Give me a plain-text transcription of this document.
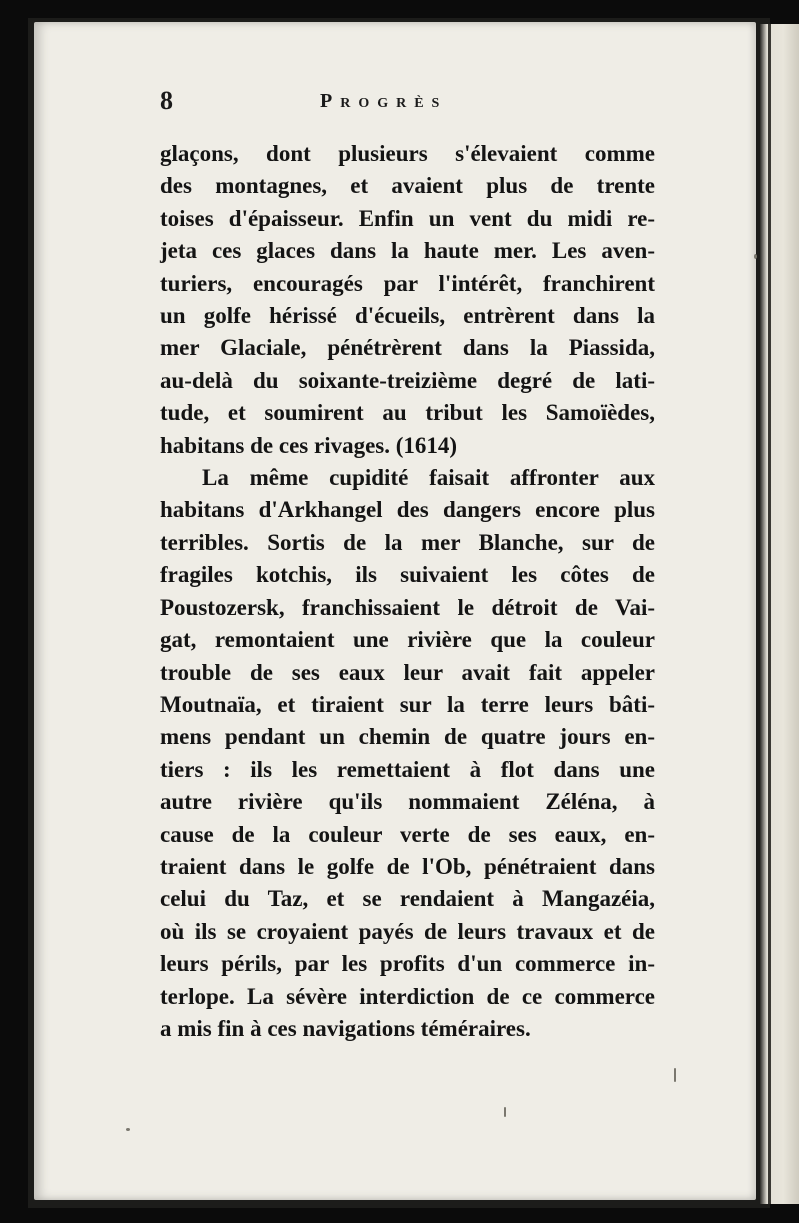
8	Progrès
glaçons, dont plusieurs s'élevaient comme
des montagnes, et avaient plus de trente
toises d'épaisseur. Enfin un vent du midi re-
jeta ces glaces dans la haute mer. Les aven-
turiers, encouragés par l'intérêt, franchirent
un golfe hérissé d'écueils, entrèrent dans la
mer Glaciale, pénétrèrent dans la Piassida,
au-delà du soixante-treizième degré de lati-
tude, et soumirent au tribut les Samoïèdes,
habitans de ces rivages. (1614)
La même cupidité faisait affronter aux
habitans d'Arkhangel des dangers encore plus
terribles. Sortis de la mer Blanche, sur de
fragiles kotchis, ils suivaient les côtes de
Poustozersk, franchissaient le détroit de Vai-
gat, remontaient une rivière que la couleur
trouble de ses eaux leur avait fait appeler
Moutnaïa, et tiraient sur la terre leurs bâti-
mens pendant un chemin de quatre jours en-
tiers : ils les remettaient à flot dans une
autre rivière qu'ils nommaient Zéléna, à
cause de la couleur verte de ses eaux, en-
traient dans le golfe de l'Ob, pénétraient dans
celui du Taz, et se rendaient à Mangazéia,
où ils se croyaient payés de leurs travaux et de
leurs périls, par les profits d'un commerce in-
terlope. La sévère interdiction de ce commerce
a mis fin à ces navigations téméraires.
